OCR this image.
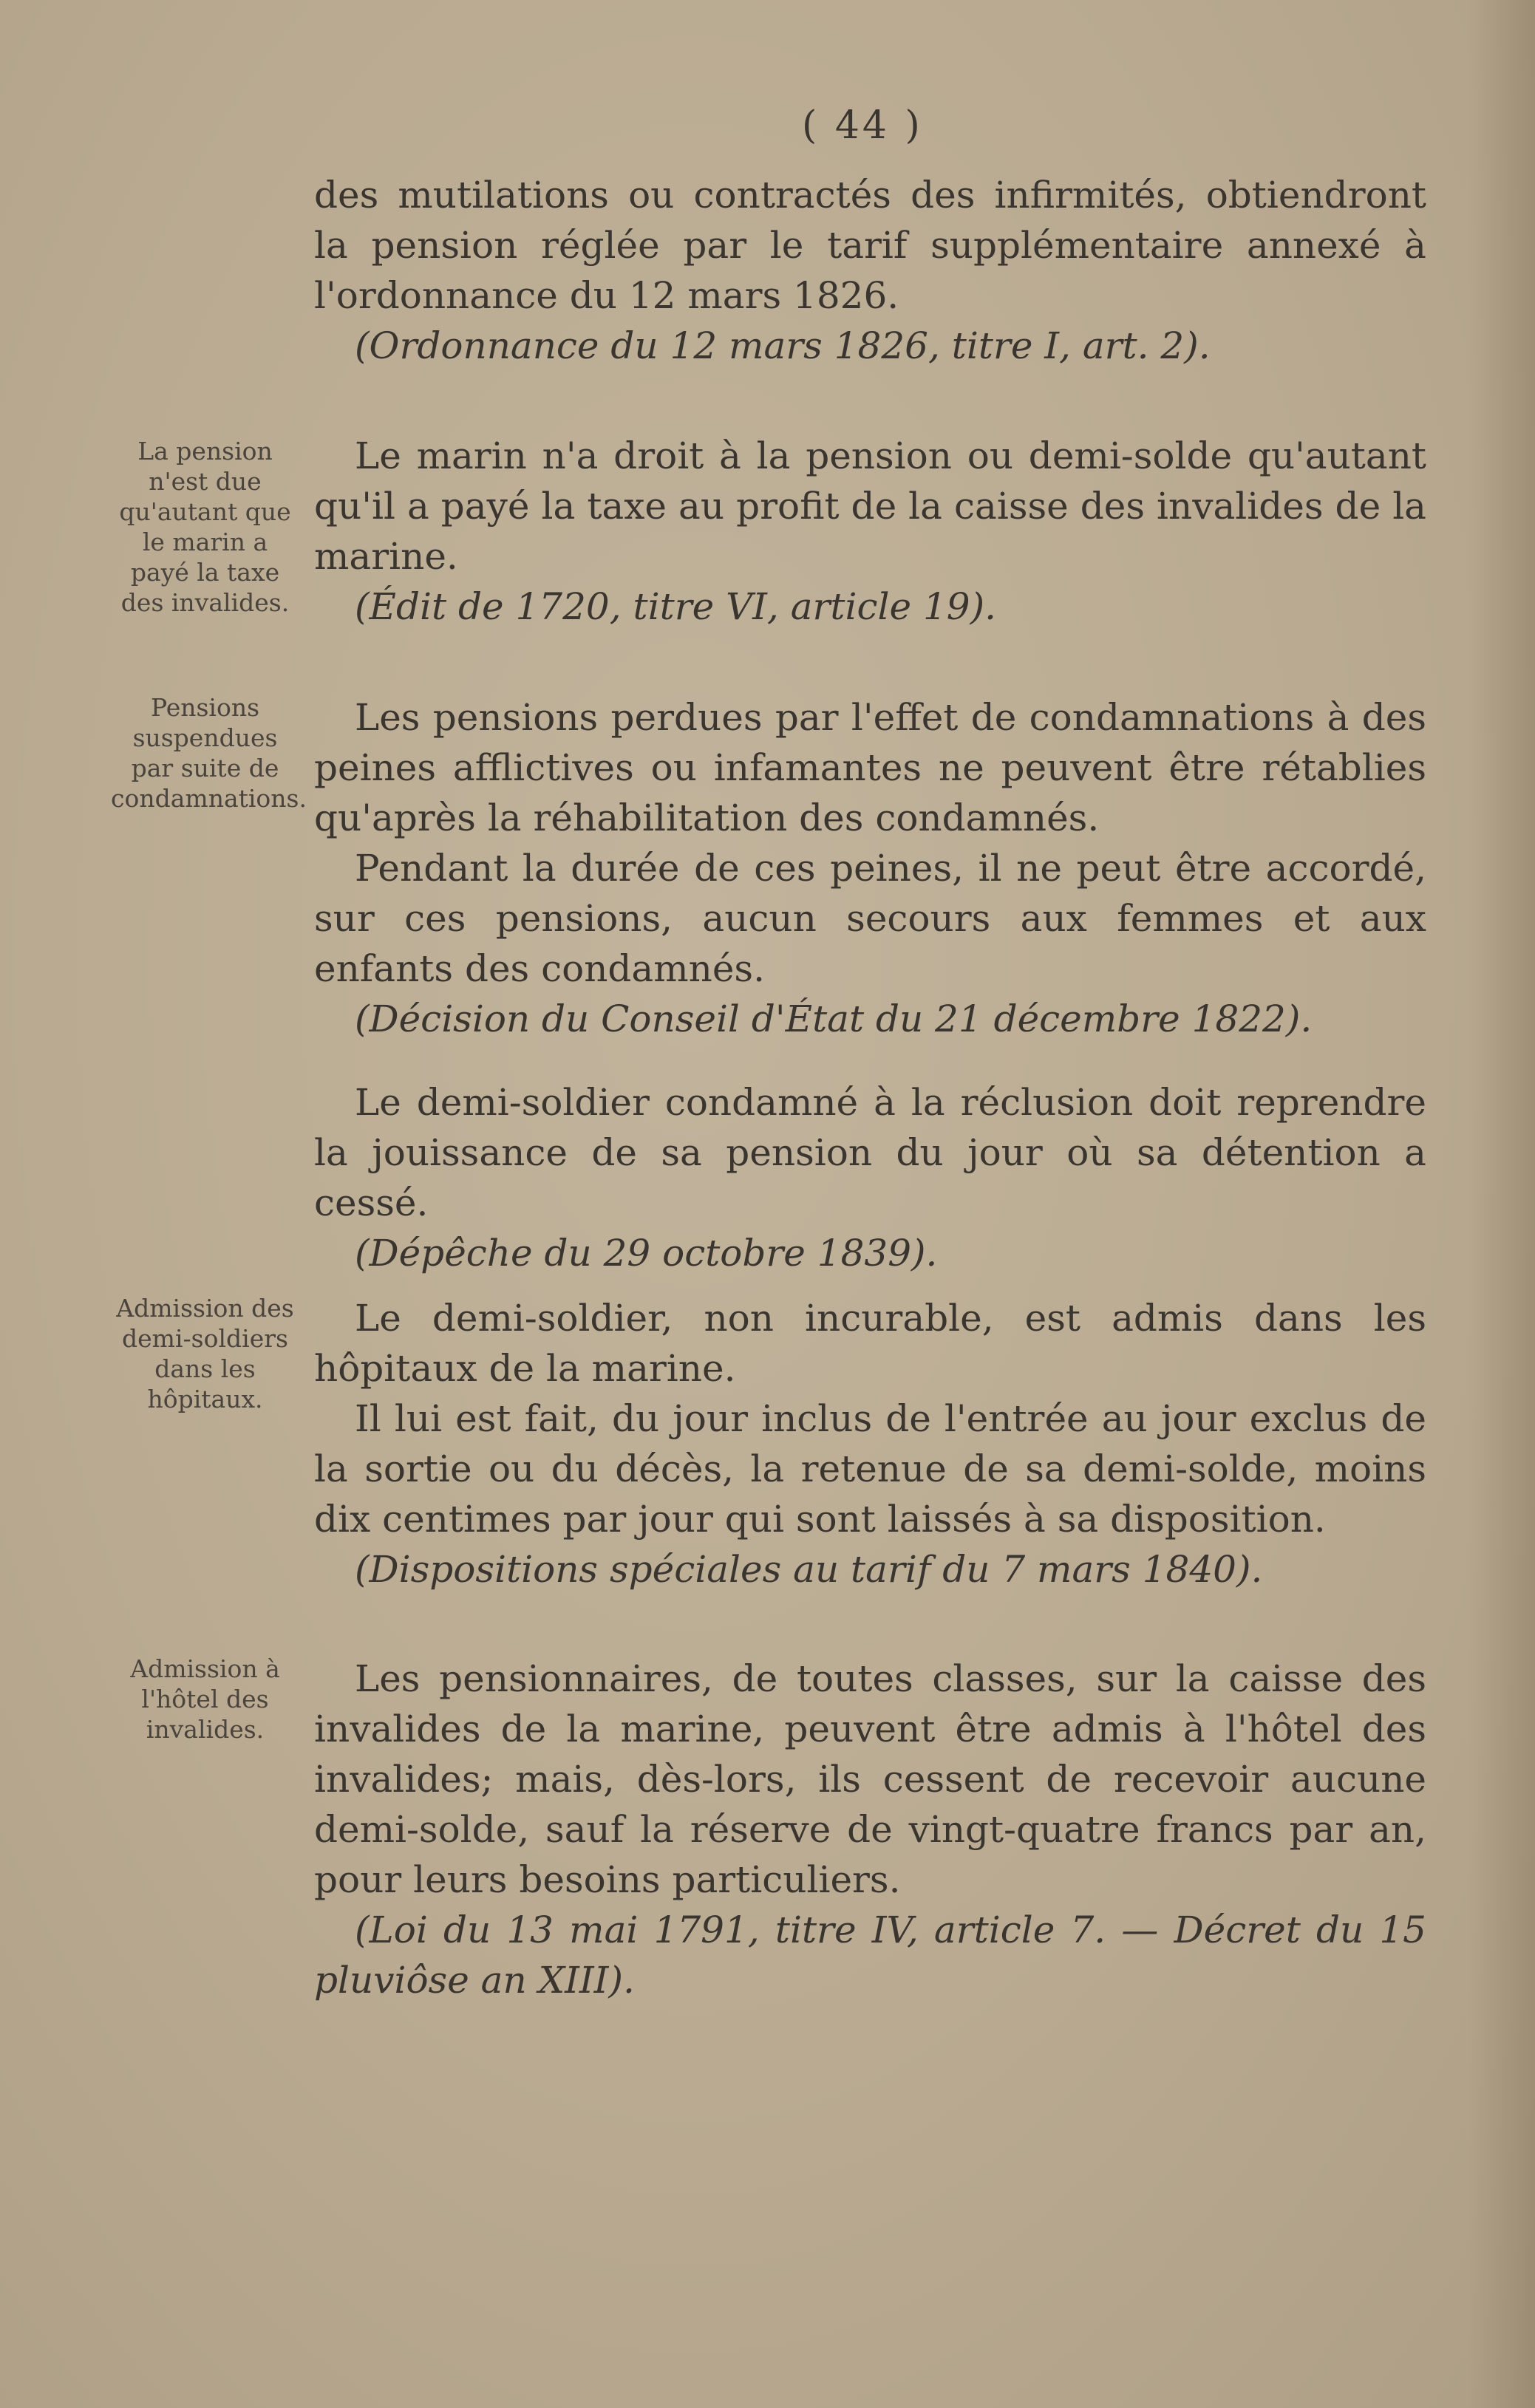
( 44 )
La pension n'est due qu'autant que le marin a payé la taxe des invalides.
Pensions suspendues par suite de condamnations.
Admission des demi-soldiers dans les hôpitaux.
Admission à l'hôtel des invalides.

des mutilations ou contractés des infirmités, obtiendront la pension réglée par le tarif supplémentaire annexé à l'ordonnance du 12 mars 1826.

(Ordonnance du 12 mars 1826, titre I, art. 2).

Le marin n'a droit à la pension ou demi-solde qu'autant qu'il a payé la taxe au profit de la caisse des invalides de la marine.

(Édit de 1720, titre VI, article 19).

Les pensions perdues par l'effet de condamnations à des peines afflictives ou infamantes ne peuvent être rétablies qu'après la réhabilitation des condamnés.

Pendant la durée de ces peines, il ne peut être accordé, sur ces pensions, aucun secours aux femmes et aux enfants des condamnés.

(Décision du Conseil d'État du 21 décembre 1822).

Le demi-soldier condamné à la réclusion doit reprendre la jouissance de sa pension du jour où sa détention a cessé.

(Dépêche du 29 octobre 1839).

Le demi-soldier, non incurable, est admis dans les hôpitaux de la marine.

Il lui est fait, du jour inclus de l'entrée au jour exclus de la sortie ou du décès, la retenue de sa demi-solde, moins dix centimes par jour qui sont laissés à sa disposition.

(Dispositions spéciales au tarif du 7 mars 1840).

Les pensionnaires, de toutes classes, sur la caisse des invalides de la marine, peuvent être admis à l'hôtel des invalides; mais, dès-lors, ils cessent de recevoir aucune demi-solde, sauf la réserve de vingt-quatre francs par an, pour leurs besoins particuliers.

(Loi du 13 mai 1791, titre IV, article 7. — Décret du 15 pluviôse an XIII).
